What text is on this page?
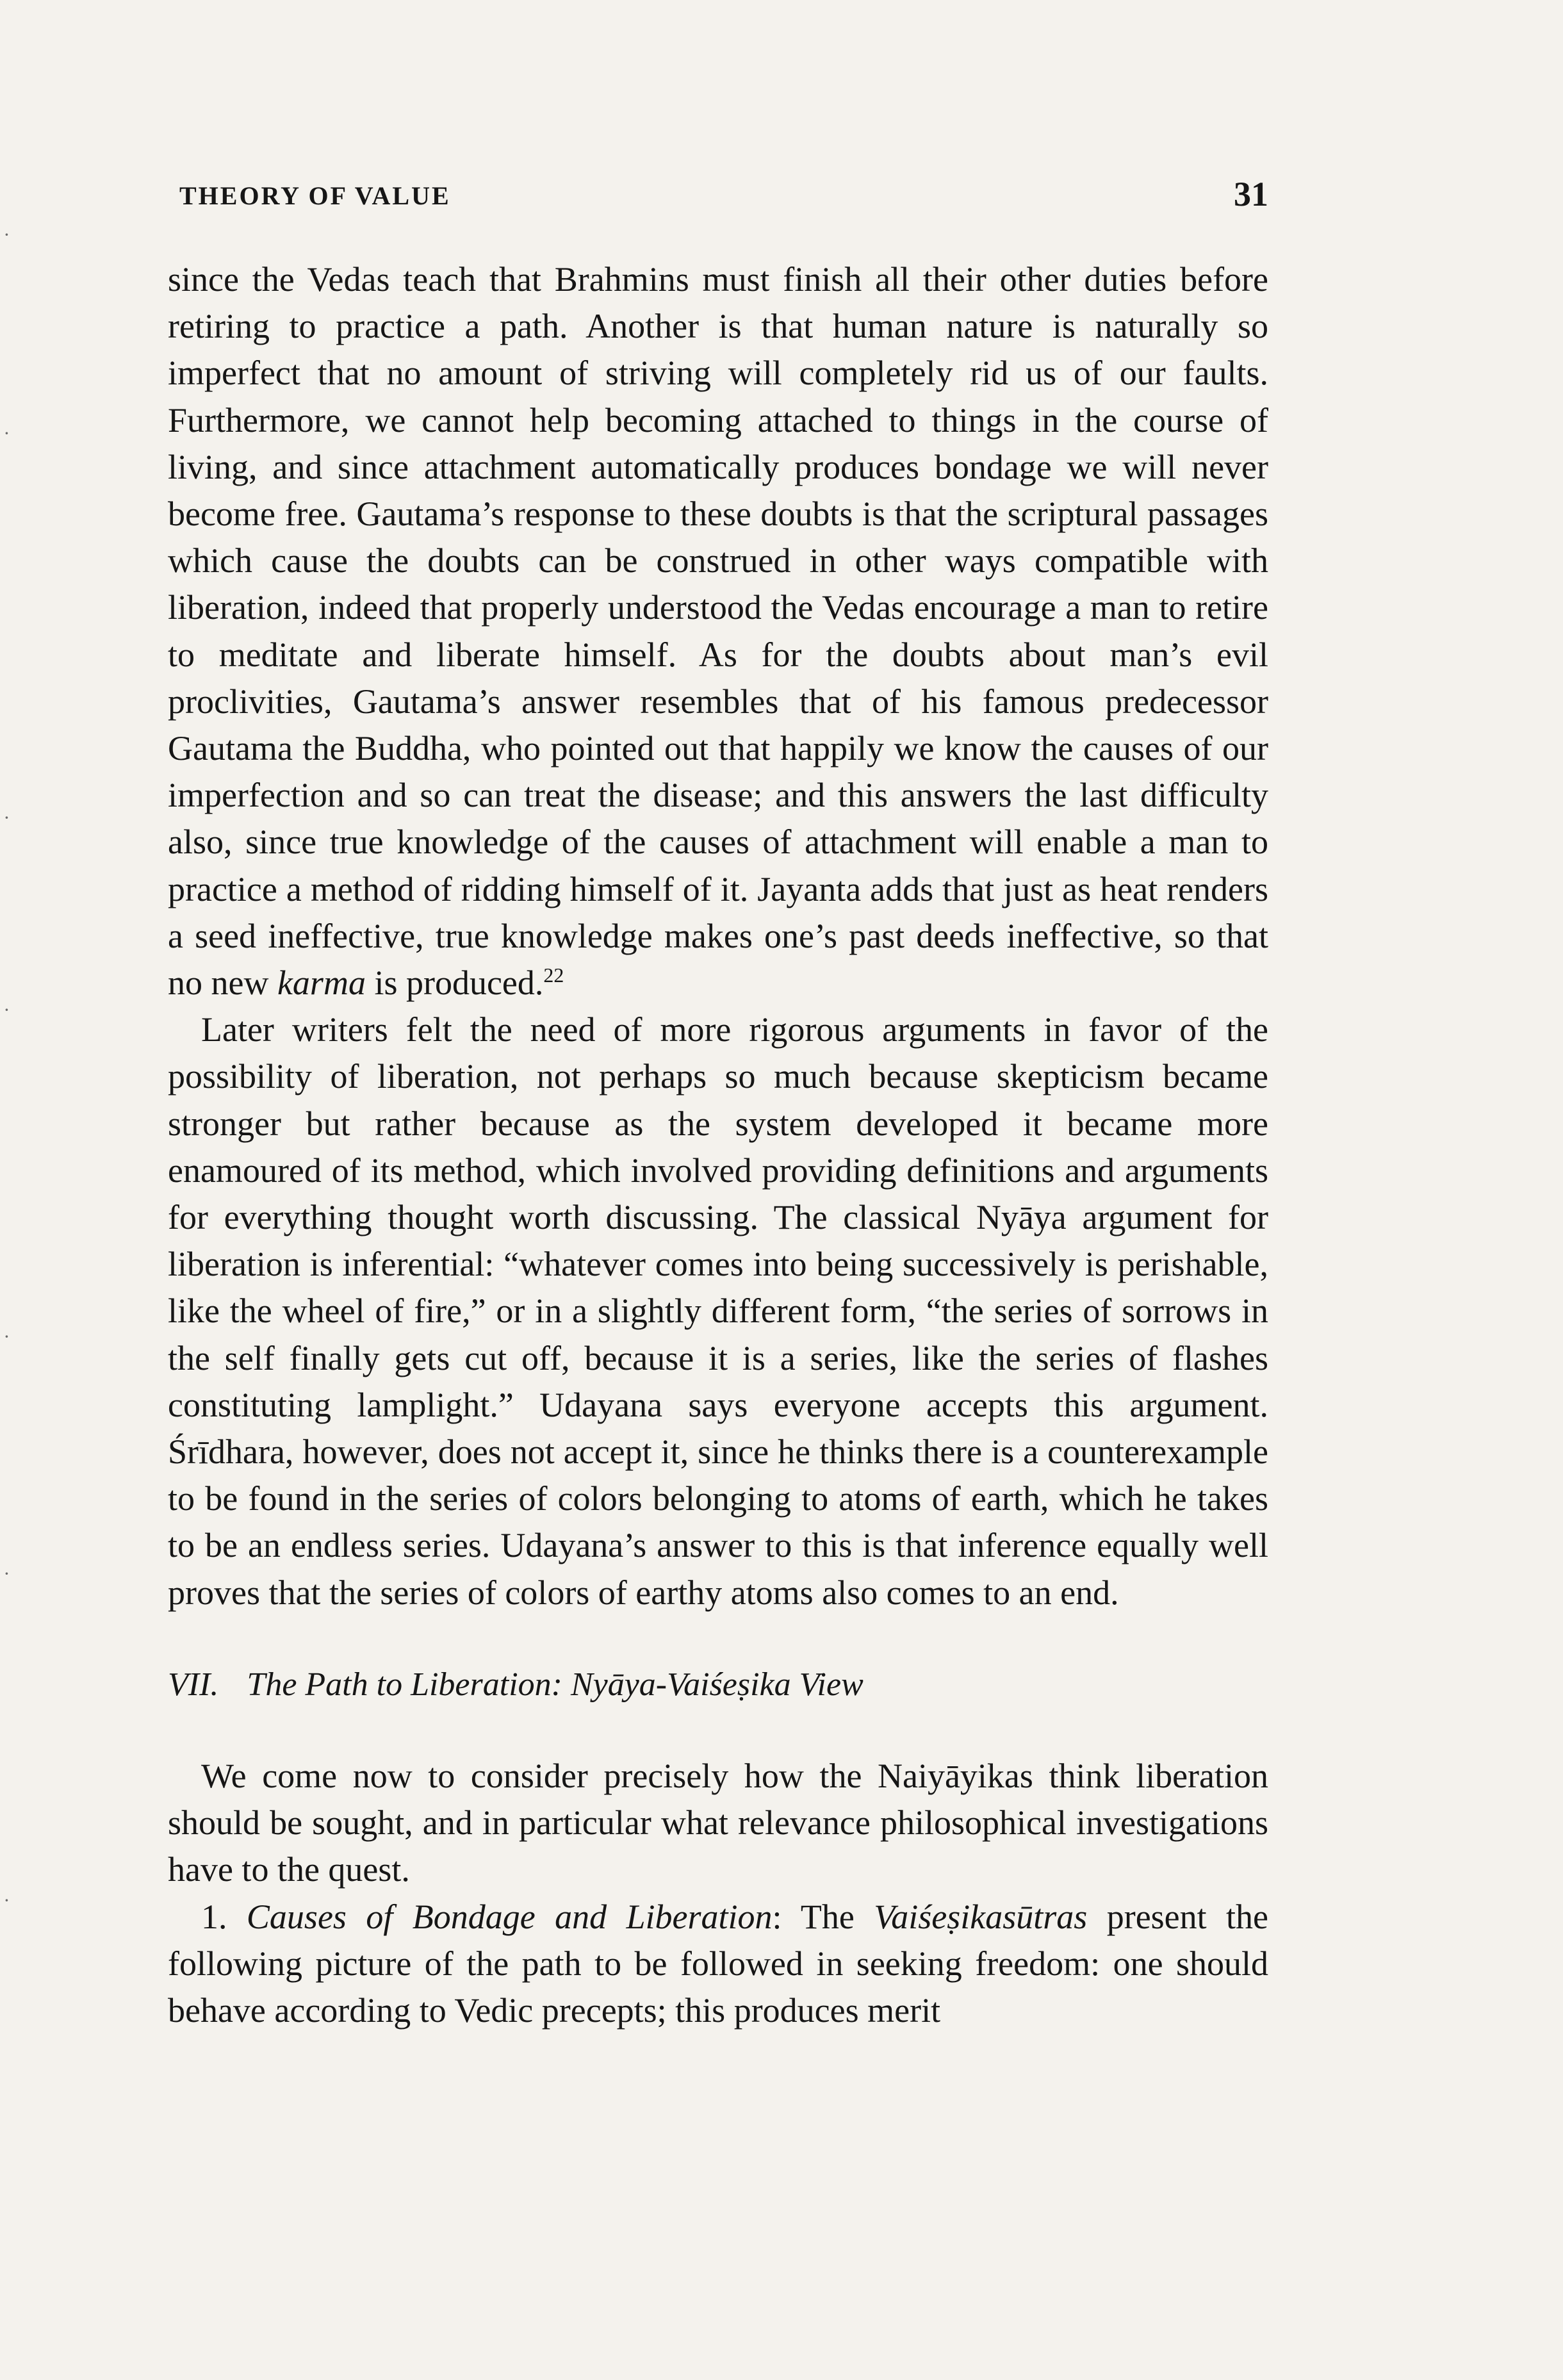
·
·
·
·
·
·
·
THEORY OF VALUE	31

since the Vedas teach that Brahmins must finish all their other duties before retiring to practice a path. Another is that human nature is naturally so imperfect that no amount of striving will completely rid us of our faults. Furthermore, we cannot help becoming attached to things in the course of living, and since attachment automatically produces bondage we will never become free. Gautama’s response to these doubts is that the scriptural passages which cause the doubts can be construed in other ways compatible with liberation, indeed that properly understood the Vedas encourage a man to retire to meditate and liberate himself. As for the doubts about man’s evil proclivities, Gautama’s answer resembles that of his famous predecessor Gautama the Buddha, who pointed out that happily we know the causes of our imperfection and so can treat the disease; and this answers the last difficulty also, since true knowledge of the causes of attachment will enable a man to practice a method of ridding himself of it. Jayanta adds that just as heat renders a seed ineffective, true knowledge makes one’s past deeds ineffective, so that no new karma is produced.$^{22}$

Later writers felt the need of more rigorous arguments in favor of the possibility of liberation, not perhaps so much because skepticism became stronger but rather because as the system developed it became more enamoured of its method, which involved providing definitions and arguments for everything thought worth discussing. The classical Nyāya argument for liberation is inferential: “whatever comes into being successively is perishable, like the wheel of fire,” or in a slightly different form, “the series of sorrows in the self finally gets cut off, because it is a series, like the series of flashes constituting lamplight.” Udayana says everyone accepts this argument. Śrīdhara, however, does not accept it, since he thinks there is a counterexample to be found in the series of colors belonging to atoms of earth, which he takes to be an endless series. Udayana’s answer to this is that inference equally well proves that the series of colors of earthy atoms also comes to an end.

VII. The Path to Liberation: Nyāya-Vaiśeṣika View

We come now to consider precisely how the Naiyāyikas think liberation should be sought, and in particular what relevance philosophical investigations have to the quest.

1. Causes of Bondage and Liberation: The Vaiśeṣikasūtras present the following picture of the path to be followed in seeking freedom: one should behave according to Vedic precepts; this produces merit
